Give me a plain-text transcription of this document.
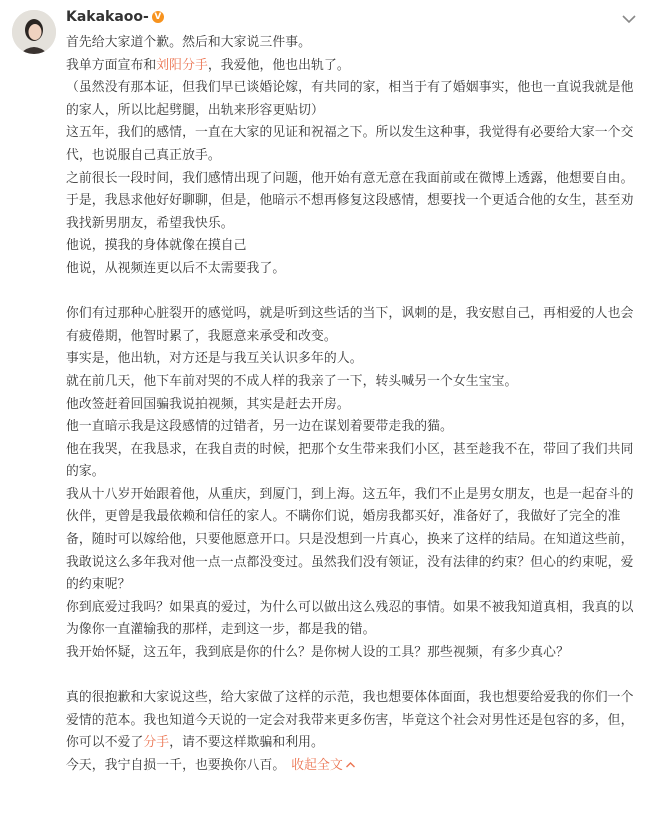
Kakakaoo- V

首先给大家道个歉。然后和大家说三件事。

我单方面宣布和刘阳分手，我爱他，他也出轨了。

（虽然没有那本证，但我们早已谈婚论嫁，有共同的家，相当于有了婚姻事实，他也一直说我就是他的家人，所以比起劈腿，出轨来形容更贴切）

这五年，我们的感情，一直在大家的见证和祝福之下。所以发生这种事，我觉得有必要给大家一个交代，也说服自己真正放手。

之前很长一段时间，我们感情出现了问题，他开始有意无意在我面前或在微博上透露，他想要自由。于是，我恳求他好好聊聊，但是，他暗示不想再修复这段感情，想要找一个更适合他的女生，甚至劝我找新男朋友，希望我快乐。

他说，摸我的身体就像在摸自己

他说，从视频连更以后不太需要我了。

你们有过那种心脏裂开的感觉吗，就是听到这些话的当下，讽刺的是，我安慰自己，再相爱的人也会有疲倦期，他智时累了，我愿意来承受和改变。

事实是，他出轨，对方还是与我互关认识多年的人。

就在前几天，他下车前对哭的不成人样的我亲了一下，转头喊另一个女生宝宝。

他改签赶着回国骗我说拍视频，其实是赶去开房。

他一直暗示我是这段感情的过错者，另一边在谋划着要带走我的猫。

他在我哭，在我恳求，在我自责的时候，把那个女生带来我们小区，甚至趁我不在，带回了我们共同的家。

我从十八岁开始跟着他，从重庆，到厦门，到上海。这五年，我们不止是男女朋友，也是一起奋斗的伙伴，更曾是我最依赖和信任的家人。不瞒你们说，婚房我都买好，准备好了，我做好了完全的准备，随时可以嫁给他，只要他愿意开口。只是没想到一片真心，换来了这样的结局。在知道这些前，我敢说这么多年我对他一点一点都没变过。虽然我们没有领证，没有法律的约束？但心的约束呢，爱的约束呢？

你到底爱过我吗？如果真的爱过，为什么可以做出这么残忍的事情。如果不被我知道真相，我真的以为像你一直灌输我的那样，走到这一步，都是我的错。

我开始怀疑，这五年，我到底是你的什么？是你树人设的工具？那些视频，有多少真心？

真的很抱歉和大家说这些，给大家做了这样的示范，我也想要体体面面，我也想要给爱我的你们一个爱情的范本。我也知道今天说的一定会对我带来更多伤害，毕竟这个社会对男性还是包容的多，但，你可以不爱了分手，请不要这样欺骗和利用。

今天，我宁自损一千，也要换你八百。 收起全文
